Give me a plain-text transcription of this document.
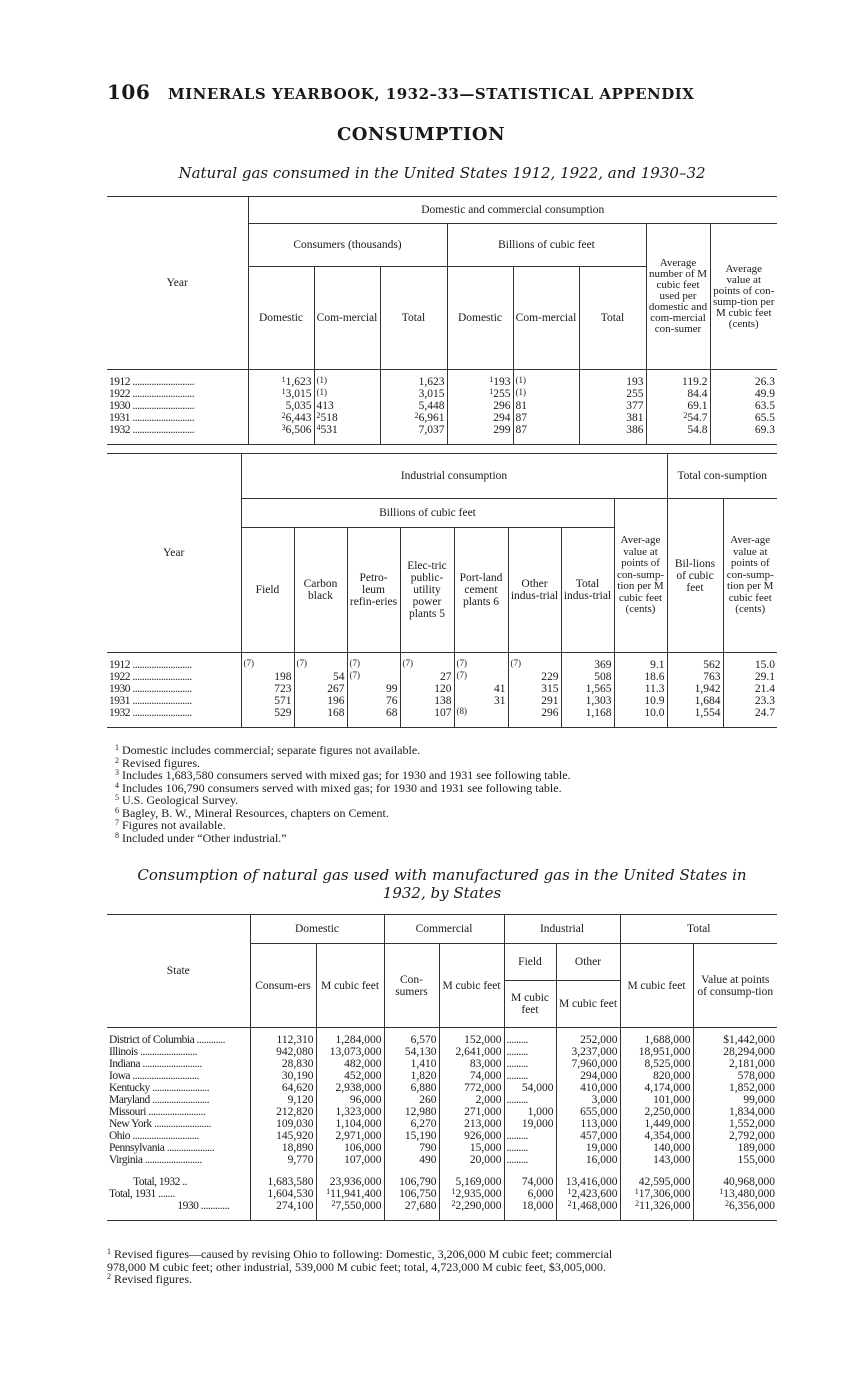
106 MINERALS YEARBOOK, 1932–33—STATISTICAL APPENDIX
CONSUMPTION
Natural gas consumed in the United States 1912, 1922, and 1930–32
Year	Domestic and commercial consumption							
	Consumers (thousands)			Billions of cubic feet			Average number of M cubic feet used per domestic and com-mercial con-sumer	Average value at points of con-sump-tion per M cubic feet (cents)
	Domestic	Com-mercial	Total	Domestic	Com-mercial	Total		
1912 ..........................	$^1$1,623	$^{(1)}$	1,623	$^1$193	$^{(1)}$	193	119.2	26.3
1922 ..........................	$^1$3,015	$^{(1)}$	3,015	$^1$255	$^{(1)}$	255	84.4	49.9
1930 ..........................	5,035	413	5,448	296	81	377	69.1	63.5
1931 ..........................	$^2$6,443	$^2$518	$^2$6,961	294	87	381	$^2$54.7	65.5
1932 ..........................	$^3$6,506	$^4$531	7,037	299	87	386	54.8	69.3
Year	Industrial consumption								Total con-sumption	
	Billions of cubic feet							Aver-age value at points of con-sump-tion per M cubic feet (cents)	Bil-lions of cubic feet	Aver-age value at points of con-sump-tion per M cubic feet (cents)
	Field	Carbon black	Petro-leum refin-eries	Elec-tric public-utility power plants 5	Port-land cement plants 6	Other indus-trial	Total indus-trial			
1912 .........................	$^{(7)}$	$^{(7)}$	$^{(7)}$	$^{(7)}$	$^{(7)}$	$^{(7)}$	369	9.1	562	15.0
1922 .........................	198	54	$^{(7)}$	27	$^{(7)}$	229	508	18.6	763	29.1
1930 .........................	723	267	99	120	41	315	1,565	11.3	1,942	21.4
1931 .........................	571	196	76	138	31	291	1,303	10.9	1,684	23.3
1932 .........................	529	168	68	107	$^{(8)}$	296	1,168	10.0	1,554	24.7
$^1$ Domestic includes commercial; separate figures not available.
$^2$ Revised figures.
$^3$ Includes 1,683,580 consumers served with mixed gas; for 1930 and 1931 see following table.
$^4$ Includes 106,790 consumers served with mixed gas; for 1930 and 1931 see following table.
$^5$ U.S. Geological Survey.
$^6$ Bagley, B. W., Mineral Resources, chapters on Cement.
$^7$ Figures not available.
$^8$ Included under “Other industrial.”
Consumption of natural gas used with manufactured gas in the United States in
1932, by States
State	Domestic		Commercial		Industrial		Total	
	Consum-ers	M cubic feet	Con-sumers	M cubic feet	Field	Other	M cubic feet	Value at points of consump-tion
					M cubic feet	M cubic feet		
District of Columbia ............	112,310	1,284,000	6,570	152,000	.........	252,000	1,688,000	$1,442,000
Illinois ........................	942,080	13,073,000	54,130	2,641,000	.........	3,237,000	18,951,000	28,294,000
Indiana .........................	28,830	482,000	1,410	83,000	.........	7,960,000	8,525,000	2,181,000
Iowa ............................	30,190	452,000	1,820	74,000	.........	294,000	820,000	578,000
Kentucky ........................	64,620	2,938,000	6,880	772,000	54,000	410,000	4,174,000	1,852,000
Maryland ........................	9,120	96,000	260	2,000	.........	3,000	101,000	99,000
Missouri ........................	212,820	1,323,000	12,980	271,000	1,000	655,000	2,250,000	1,834,000
New York ........................	109,030	1,104,000	6,270	213,000	19,000	113,000	1,449,000	1,552,000
Ohio ............................	145,920	2,971,000	15,190	926,000	.........	457,000	4,354,000	2,792,000
Pennsylvania ....................	18,890	106,000	790	15,000	.........	19,000	140,000	189,000
Virginia ........................	9,770	107,000	490	20,000	.........	16,000	143,000	155,000

   Total, 1932 ..	1,683,580	23,936,000	106,790	5,169,000	74,000	13,416,000	42,595,000	40,968,000
Total, 1931 .......	1,604,530	$^1$11,941,400	106,750	$^1$2,935,000	6,000	$^1$2,423,600	$^1$17,306,000	$^1$13,480,000
       1930 ............	274,100	$^2$7,550,000	27,680	$^2$2,290,000	18,000	$^2$1,468,000	$^2$11,326,000	$^2$6,356,000
$^1$ Revised figures—caused by revising Ohio to following: Domestic, 3,206,000 M cubic feet; commercial
978,000 M cubic feet; other industrial, 539,000 M cubic feet; total, 4,723,000 M cubic feet, $3,005,000.
$^2$ Revised figures.
